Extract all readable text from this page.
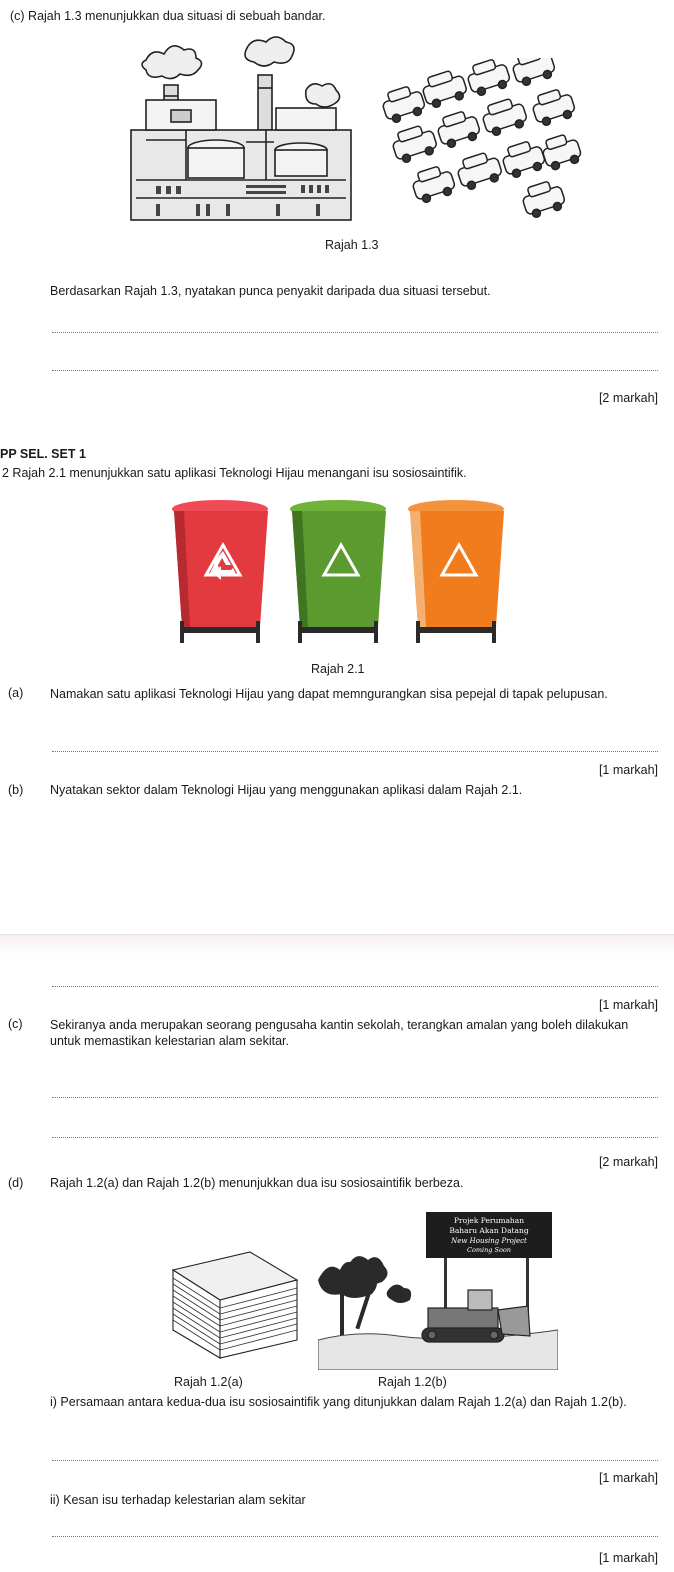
(c) Rajah 1.3 menunjukkan dua situasi di sebuah bandar.
Rajah 1.3
Berdasarkan Rajah 1.3, nyatakan punca penyakit daripada dua situasi tersebut.
[2 markah]
PP SEL. SET 1
2 Rajah 2.1 menunjukkan satu aplikasi Teknologi Hijau menangani isu sosiosaintifik.
Rajah 2.1
(a) Namakan satu aplikasi Teknologi Hijau yang dapat memngurangkan sisa pepejal di tapak pelupusan.
[1 markah]
(b) Nyatakan sektor dalam Teknologi Hijau yang menggunakan aplikasi dalam Rajah 2.1.
[1 markah]
(c) Sekiranya anda merupakan seorang pengusaha kantin sekolah, terangkan amalan yang boleh dilakukan untuk memastikan kelestarian alam sekitar.
[2 markah]
(d) Rajah 1.2(a) dan Rajah 1.2(b) menunjukkan dua isu sosiosaintifik berbeza.
Projek Perumahan
Baharu Akan Datang
New Housing Project
Coming Soon
Rajah 1.2(a)	Rajah 1.2(b)
i) Persamaan antara kedua-dua isu sosiosaintifik yang ditunjukkan dalam Rajah 1.2(a) dan Rajah 1.2(b).
[1 markah]
ii) Kesan isu terhadap kelestarian alam sekitar
[1 markah]
